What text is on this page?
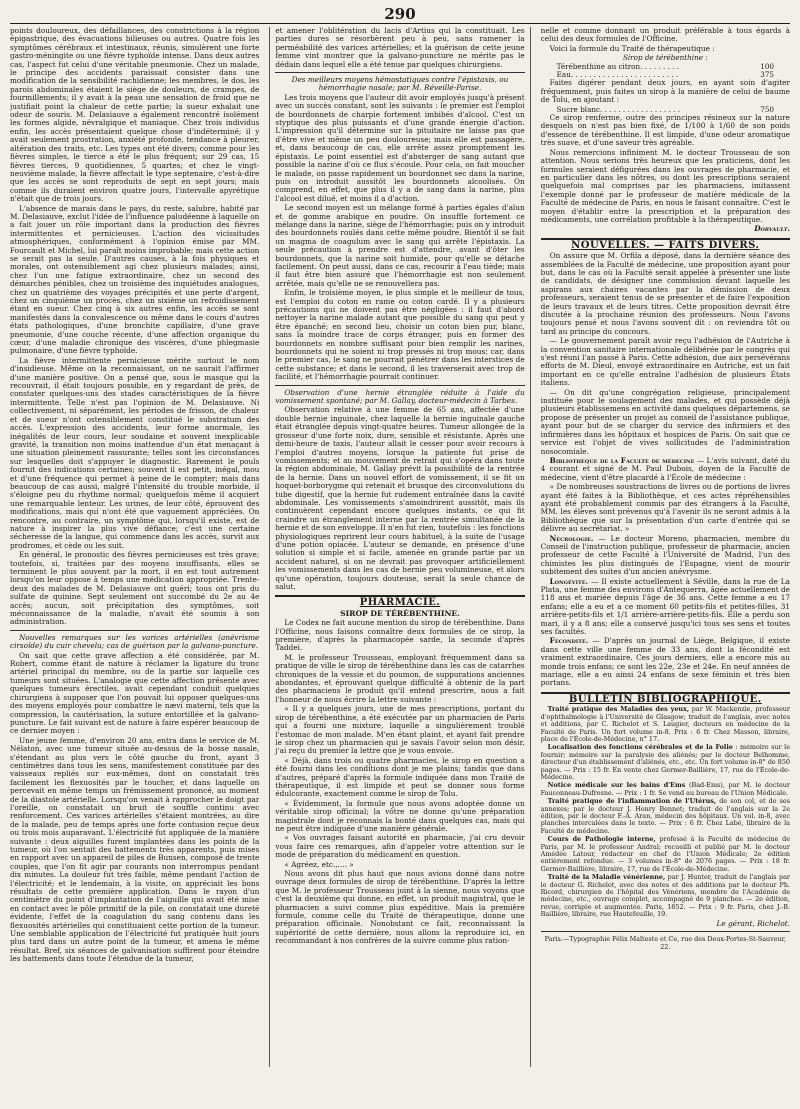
290

points douloureux, des défaillances, des constrictions à la région épigastrique, des évacuations bilieuses ou autres. Quatre fois les symptômes cérébraux et intestinaux, réunis, simulèrent une forte gastro-méningite ou une fièvre typhoïde intense. Dans deux autres cas, l'aspect fut celui d'une véritable pneumonie. Chez un malade, le principe des accidents paraissait consister dans une modification de la sensibilité rachidienne; les membres, le dos, les parois abdominales étaient le siège de douleurs, de crampes, de fourmillements; il y avait à la peau une sensation de froid que ne justifiait point la chaleur de cette partie; la sueur exhalait une odeur de souris. M. Delasiauve a également rencontré isolément les formes algide, névralgique et maniaque. Chez trois individus enfin, les accès présentaient quelque chose d'indéterminé; il y avait seulement prostration, anxiété profonde, tendance à pleurer, altération des traits, etc. Les types ont été divers; comme pour les fièvres simples, le tierce a été le plus fréquent; sur 29 cas, 15 fièvres tierces, 9 quotidiennes, 5 quartes; et chez le vingt-neuvième malade, la fièvre affectait le type septenaire, c'est-à-dire que les accès se sont reproduits de sept en sept jours; mais comme ils duraient environ quatre jours, l'intervalle apyrétique n'était que de trois jours.

L'absence de marais dans le pays, du reste, salubre, habité par M. Delasiauve, exclut l'idée de l'influence paludéenne à laquelle on a fait jouer un rôle important dans la production des fièvres intermittentes et pernicieuses. L'action des vicissitudes atmosphériques, conformément à l'opinion émise par MM. Fourcault et Michel, lui paraît moins improbable; mais cette action se serait pas la seule. D'autres causes, à la fois physiques et morales, ont ostensiblement agi chez plusieurs malades; ainsi, chez l'un une fatigue extraordinaire, chez un second des démarches pénibles, chez un troisième des inquiétudes analogues, chez un quatrième des voyages précipités et une perte d'argent, chez un cinquième un procès, chez un sixième un refroidissement étant en sueur. Chez cinq à six autres enfin, les accès se sont manifestés dans la convalescence ou même dans le cours d'autres états pathologiques, d'une bronchite capillaire, d'une grave pneumonie, d'une couche récente, d'une affection organique du cœur, d'une maladie chronique des viscères, d'une phlegmasie pulmonaire, d'une fièvre typhoïde.

La fièvre intermittente pernicieuse mérite surtout le nom d'insidieuse. Même on la reconnaissant, on ne saurait l'affirmer d'une manière positive. On a pensé que, sous le masque qui la recouvrait, il était toujours possible, en y regardant de près, de constater quelques-uns des stades caractéristiques de la fièvre intermittente. Telle n'est pas l'opinion de M. Delasiauve. Ni collectivement, ni séparément, les périodes de frisson, de chaleur et de sueur n'ont ostensiblement constitué le substratum des accès. L'expression des accidents, leur forme anormale, les inégalités de leur cours, leur soudaine et souvent inexplicable gravité, la transition non moins inattendue d'un état menaçant à une situation pleinement rassurante; telles sont les circonstances sur lesquelles doit s'appuyer le diagnostic. Rarement le pouls fournit des indications certaines; souvent il est petit, inégal, mou et d'une fréquence qui permet à peine de le compter; mais dans beaucoup de cas aussi, malgré l'intensité du trouble morbide, il s'éloigne peu du rhythme normal; quelquefois même il acquiert une remarquable lenteur. Les urines, de leur côté, éprouvent des modifications, mais qui n'ont été que vaguement appréciées. On rencontre, au contraire, un symptôme qui, lorsqu'il existe, est de nature à inspirer la plus vive défiance; c'est une certaine sécheresse de la langue, qui commence dans les accès, survit aux prodromes, et cède ou les suit.

En général, le pronostic des fièvres pernicieuses est très grave; toutefois, si, traitées par des moyens insuffisants, elles se terminent le plus souvent par la mort, il en est tout autrement lorsqu'on leur oppose à temps une médication appropriée. Trente-deux des malades de M. Delasiauve ont guéri; tous ont pris du sulfate de quinine. Sept seulement ont succombé du 2e au 4e accès; aucun, soit précipitation des symptômes, soit méconnaissance de la maladie, n'avait été soumis à son administration.

Nouvelles remarques sur les varices artérielles (anévrisme cirsoïde) du cuir chevelu; cas de guérison par la galvano-puncture.

On sait que cette grave affection a été considérée, par M. Robert, comme étant de nature à réclamer la ligature du tronc artériel principal du membre, ou de la partie sur laquelle ces tumeurs sont situées. L'analogie que cette affection présente avec quelques tumeurs érectiles, avait cependant conduit quelques chirurgiens à supposer que l'on pouvait lui opposer quelques-uns des moyens employés pour combattre le nævi materni, tels que la compression, la cautérisation, la suture entortillée et la galvano-puncture. Le fait suivant est de nature à faire espérer beaucoup de ce dernier moyen :

Une jeune femme, d'environ 20 ans, entra dans le service de M. Nélaton, avec une tumeur située au-dessus de la bosse nasale, s'étendant au plus vers le côté gauche du front, ayant 3 centimètres dans tous les sens, manifestement constituée par des vaisseaux repliés sur eux-mêmes, dont on constatait très facilement les flexuosités par le toucher, et dans laquelle on percevait en même temps un frémissement prononcé, au moment de la diastole artérielle. Lorsqu'on venait à rapprocher le doigt par l'oreille, on constatait un bruit de souffle continu avec renforcement. Ces varices artérielles s'étaient montrées, au dire de la malade, peu de temps après une forte contusion reçue deux ou trois mois auparavant. L'électricité fut appliquée de la manière suivante : deux aiguilles furent implantées dans les points de la tumeur, où l'on sentait des battements très apparents, puis mises en rapport avec un appareil de piles de Bunsen, composé de trente couples, que l'on fit agir par courants non interrompus pendant dix minutes. La douleur fut très faible, même pendant l'action de l'électricité; et le lendemain, à la visite, on appréciait les bons résultats de cette première application. Dans le rayon d'un centimètre du point d'implantation de l'aiguille qui avait été mise en contact avec le pôle primitif de la pile, on constatait une dureté évidente, l'effet de la coagulation du sang contenu dans les flexuosités artérielles qui constituaient cette portion de la tumeur. Une semblable application de l'électricité fut pratiquée huit jours plus tard dans un autre point de la tumeur, et amena le même résultat. Bref, six séances de galvanisation suffirent pour éteindre les battements dans toute l'étendue de la tumeur,

et amener l'oblitération du lacis d'Artius qui la constituait. Les parties dures se résorbèrent peu à peu, sans ramener la perméabilité des varices artérielles; et la guérison de cette jeune femme vint montrer que la galvano-puncture ne mérite pas le dédain dans lequel elle a été tenue par quelques chirurgiens.

Des meilleurs moyens hémostatiques contre l'épistaxis, ou hémorrhagie nasale; par M. Réveillé-Parise.

Les trois moyens que l'auteur dit avoir employés jusqu'à présent avec un succès constant, sont les suivants : le premier est l'emploi de bourdonnets de charpie fortement imbibés d'alcool. C'est un styptique des plus puissants et d'une grande énergie d'action. L'impression qu'il détermine sur la pituitaire ne laisse pas que d'être vive et même un peu douloureuse; mais elle est passagère, et, dans beaucoup de cas, elle arrête assez promptement les épistaxis. Le point essentiel est d'absterger de sang autant que possible la narine d'où ce flux s'écoule. Pour cela, on fait moucher le malade, on passe rapidement un bourdonnet sec dans la narine, puis on introduit aussitôt les bourdonnets alcoolisés. On comprend, en effet, que plus il y a de sang dans la narine, plus l'alcool est dilué, et moins il a d'action.

Le second moyen est un mélange formé à parties égales d'alun et de gomme arabique en poudre. On insuffle fortement ce mélange dans la narine, siège de l'hémorrhagie; puis on y introduit des bourdonnets roulés dans cette même poudre. Bientôt il se fait un magma de coagulum avec le sang qui arrête l'épistaxis. La seule précaution à prendre est d'attendre, avant d'ôter les bourdonnets, que la narine soit humide, pour qu'elle se détache facilement. On peut aussi, dans ce cas, recourir à l'eau tiède; mais il faut être bien assuré que l'hémorrhagie est non seulement arrêtée, mais qu'elle ne se renouvellera pas.

Enfin, le troisième moyen, le plus simple et le meilleur de tous, est l'emploi du coton en rame ou coton cardé. Il y a plusieurs précautions qui ne doivent pas être négligées : il faut d'abord nettoyer la narine malade autant que possible du sang qui peut y être épanché; en second lieu, choisir un coton bien pur, blanc, sans la moindre trace de corps étranger, puis en former des bourdonnets en nombre suffisant pour bien remplir les narines, bourdonnets qui ne soient ni trop pressés ni trop mous; car, dans le premier cas, le sang ne pourrait pénétrer dans les interstices de cette substance; et dans le second, il les traverserait avec trop de facilité, et l'hémorrhagie pourrait continuer.

Observation d'une hernie étranglée réduite à l'aide du vomissement spontané; par M. Gallay, docteur-médecin à Tarbes.

Observation relative à une femme de 65 ans, affectée d'une double hernie inguinale, chez laquelle la hernie inguinale gauche était étranglée depuis vingt-quatre heures. Tumeur allongée de la grosseur d'une forte noix, dure, sensible et résistante. Après une demi-heure de taxis, l'auteur allait le cesser pour avoir recours à l'emploi d'autres moyens, lorsque la patiente fut prise de vomissements; et au mouvement de retrait qui s'opéra dans toute la région abdominale, M. Gallay prévit la possibilité de la rentrée de la hernie. Dans un nouvel effort de vomissement, il se fit un hoquet-borborygme qui retenait et brusque des circonvolutions du tube digestif, que la hernie fut rudement entraînée dans la cavité abdominale. Les vomissements s'amoindrirent aussitôt, mais ils continuèrent cependant encore quelques instants, ce qui fit craindre un étranglement interne par la rentrée simultanée de la hernie et de son enveloppe. Il n'en fut rien, toutefois : les fonctions physiologiques reprirent leur cours habituel, à la suite de l'usage d'une potion opiacée. L'auteur se demande, en présence d'une solution si simple et si facile, amenée en grande partie par un accident naturel, si on ne devrait pas provoquer artificiellement les vomissements dans les cas de hernie peu volumineuse, et alors qu'une opération, toujours douteuse, serait la seule chance de salut.

PHARMACIE.
SIROP DE TÉRÉBENTHINE.

Le Codex ne fait aucune mention du sirop de térébenthine. Dans l'Officine, nous faisons connaître deux formules de ce sirop, la première, d'après la pharmacopée sarde, la seconde d'après Taddei.

M. le professeur Trousseau, employant fréquemment dans sa pratique de ville le sirop de térébenthine dans les cas de catarrhes chroniques de la vessie et du poumon, de suppurations anciennes abondantes, et éprouvant quelque difficulté à obtenir de la part des pharmaciens le produit qu'il entend prescrire, nous a fait l'honneur de nous écrire la lettre suivante :

« Il y a quelques jours, une de mes prescriptions, portant du sirop de térébenthine, a été exécutée par un pharmacien de Paris qui a fourni une mixture, laquelle a singulièrement troublé l'estomac de mon malade. M'en étant plaint, et ayant fait prendre le sirop chez un pharmacien qui je savais l'avoir selon mon désir, j'ai reçu du premier la lettre que je vous envoie.

« Déjà, dans trois ou quatre pharmacies, le sirop en question a été fourni dans les conditions dont je me plains; tandis que dans d'autres, préparé d'après la formule indiquée dans mon Traité de thérapeutique, il est limpide et peut se donner sous forme édulcorante, exactement comme le sirop de Tolu.

« Évidemment, la formule que nous avons adoptée donne un véritable sirop officinal; la vôtre ne donne qu'une préparation magistrale dont je reconnais la bonté dans quelques cas, mais qui ne peut être indiquée d'une manière générale.

« Vos ouvrages faisant autorité en pharmacie, j'ai cru devoir vous faire ces remarques, afin d'appeler votre attention sur le mode de préparation du médicament en question.

« Agréez, etc.,.... »

Nous avons dit plus haut que nous avions donné dans notre ouvrage deux formules de sirop de térébenthine. D'après la lettre que M. le professeur Trousseau joint à la sienne, nous voyons que c'est la deuxième qui donne, en effet, un produit magistral, que le pharmacien a suivi comme plus expéditive. Mais la première formule, comme celle du Traité de thérapeutique, donne une préparation officinale. Nonobstant ce fait, reconnaissant la supériorité de cette dernière, nous allons la reproduire ici, en recommandant à nos confrères de la suivre comme plus ration-

nelle et comme donnant un produit préférable à tous égards à celui des deux formules de l'Officine.

Voici la formule du Traité de thérapeutique :

Sirop de térébenthine :
Térébenthine au citron. . . . . . . . .	100
Eau. . . . . . . . . . . . . . . . . . . . . . . .	375

Faites digérer pendant deux jours, en ayant soin d'agiter fréquemment, puis faites un sirop à la manière de celui de baume de Tolu, en ajoutant :

Sucre blanc. . . . . . . . . . . . . . . . . .	750

Ce sirop renferme, outre des principes résineux sur la nature desquels on n'est pas bien fixé, de 1/100 à 1/60 de son poids d'essence de térébenthine. Il est limpide, d'une odeur aromatique très suave, et d'une saveur très agréable.

Nous remercions infiniment M. le docteur Trousseau de son attention. Nous serions très heureux que les praticiens, dont les formules seraient défigurées dans les ouvrages de pharmacie, et en particulier dans les nôtres, ou dont les prescriptions seraient quelquefois mal comprises par les pharmaciens, imitassent l'exemple donné par le professeur de matière médicale de la Faculté de médecine de Paris, en nous le faisant connaître. C'est le moyen d'établir entre la prescription et la préparation des médicaments, une corrélation profitable à la thérapeutique.

Dorvault.
NOUVELLES. — FAITS DIVERS.

On assure que M. Orfila a déposé, dans la dernière séance des assemblées de la Faculté de médecine, une proposition ayant pour but, dans le cas où la Faculté serait appelée à présenter une liste de candidats, de désigner une commission devant laquelle les aspirans aux chaires vacantes par la démission de deux professeurs, seraient tenus de se présenter et de faire l'exposition de leurs travaux et de leurs titres. Cette proposition devrait être discutée à la prochaine réunion des professeurs. Nous l'avons toujours pensé et nous l'avons souvent dit : on reviendra tôt ou tard au principe du concours.

— Le gouvernement paraît avoir reçu l'adhésion de l'Autriche à la convention sanitaire internationale délibérée par le congrès qui s'est réuni l'an passé à Paris. Cette adhésion, due aux persévérans efforts de M. Dieul, envoyé extraordinaire en Autriche, est un fait important en ce qu'elle entraîne l'adhésion de plusieurs États italiens.

— On dit qu'une congrégation religieuse, principalement instituée pour le soulagement des malades, et qui possède déjà plusieurs établissemens en activité dans quelques départemens, se propose de présenter un projet au conseil de l'assistance publique, ayant pour but de se charger du service des infirmiers et des infirmières dans les hôpitaux et hospices de Paris. On sait que ce service est l'objet de vives sollicitudes de l'administration nosocomiale.

Bibliothèque de la Faculté de médecine — L'avis suivant, daté du 4 courant et signé de M. Paul Dubois, doyen de la Faculté de médecine, vient d'être placardé à l'École de médecine :

« De nombreuses soustractions de livres ou de portions de livres ayant été faites à la Bibliothèque, et ces actes répréhensibles ayant été probablement commis par des étrangers à la Faculté, MM. les élèves sont prévenus qu'à l'avenir ils ne seront admis à la Bibliothèque que sur la présentation d'un carte d'entrée qui se délivre au secrétariat. »

Nécrologie. — Le docteur Moreno, pharmacien, membre du Conseil de l'instruction publique, professeur de pharmacie, ancien professeur de cette Faculté à l'Université de Madrid, l'un des chimistes les plus distingués de l'Espagne, vient de mourir subitement des suites d'un ancien anévrysme.

Longévité. — Il existe actuellement à Séville, dans la rue de La Plata, une femme des environs d'Antequerra, âgée actuellement de 118 ans et mariée depuis l'âge de 36 ans. Cette femme a eu 17 enfans; elle a eu et a ce moment 60 petits-fils et petites-filles, 31 arrière-petits-fils et 1/1 arrière-arrière-petits-fils. Elle a perdu son mari, il y a 8 ans; elle a conservé jusqu'ici tous ses sens et toutes ses facultés.

Fécondité. — D'après un journal de Liège, Belgique, il existe dans cette ville une femme de 33 ans, dont la fécondité est vraiment extraordinaire. Ces jours derniers, elle a encore mis au monde trois enfans; ce sont les 22e, 23e et 24e. En neuf années de mariage, elle a eu ainsi 24 enfans de sexe féminin et très bien portans.

BULLETIN BIBLIOGRAPHIQUE.

Traité pratique des Maladies des yeux, par W. Mackenzie, professeur d'ophthalmologie à l'Université de Glasgow; traduit de l'anglais, avec notes et additions, par C. Richelot et S. Laugier, docteurs en médecine de la Faculté de Paris. Un fort volume in-8. Prix : 6 fr. Chez Masson, libraire, place de l'École-de-Médecine, n° 17.

Localisation des fonctions cérébrales et de la Folie : mémoire sur le fournir; mémoire sur la paralysie des aliénés; par le docteur Belhomme, directeur d'un établissement d'aliénés, etc., etc. Un fort volume in-8° de 850 pages. — Prix : 15 fr. En vente chez Germer-Baillière, 17, rue de l'École-de-Médecine.

Notice médicale sur les bains d'Ems (Bad-Ems), par M. le docteur Fauconneau-Dufresne. — Prix : 1 fr. Se vend au bureau de l'Union Médicale.

Traité pratique de l'inflammation de l'Utérus, de son col, et de ses annexes; par le docteur J. Henry Bennet; traduit de l'anglais sur la 2e édition, par le docteur F.-A. Aran, médecin des hôpitaux. Un vol. in-8, avec planches intercalées dans le texte. — Prix : 6 fr. Chez Labé, libraire de la Faculté de médecine.

Cours de Pathologie interne, professé à la Faculté de médecine de Paris, par M. le professeur Andral; recueilli et publié par M. le docteur Amédée Latour, rédacteur en chef de l'Union Médicale; 2e édition entièrement refondue. — 3 volumes in-8° de 2076 pages. — Prix : 18 fr. Germer-Baillière, libraire, 17, rue de l'École-de-Médecine.

Traité de la Maladie vénérienne, par J. Hunter, traduit de l'anglais par le docteur G. Richelot, avec des notes et des additions par le docteur Ph. Ricord, chirurgien de l'hôpital des Vénériens, membre de l'Académie de médecine, etc., ouvrage complet, accompagné de 9 planches. — 2e édition, revue, corrigée et augmentée. Paris, 1852. — Prix : 9 fr. Paris, chez J.-B. Baillière, libraire, rue Hautefeuille, 19.

Le gérant, Richelot.
Paris.—Typographie Félix Malteste et Ce, rue des Deux-Portes-St-Sauveur, 22.
